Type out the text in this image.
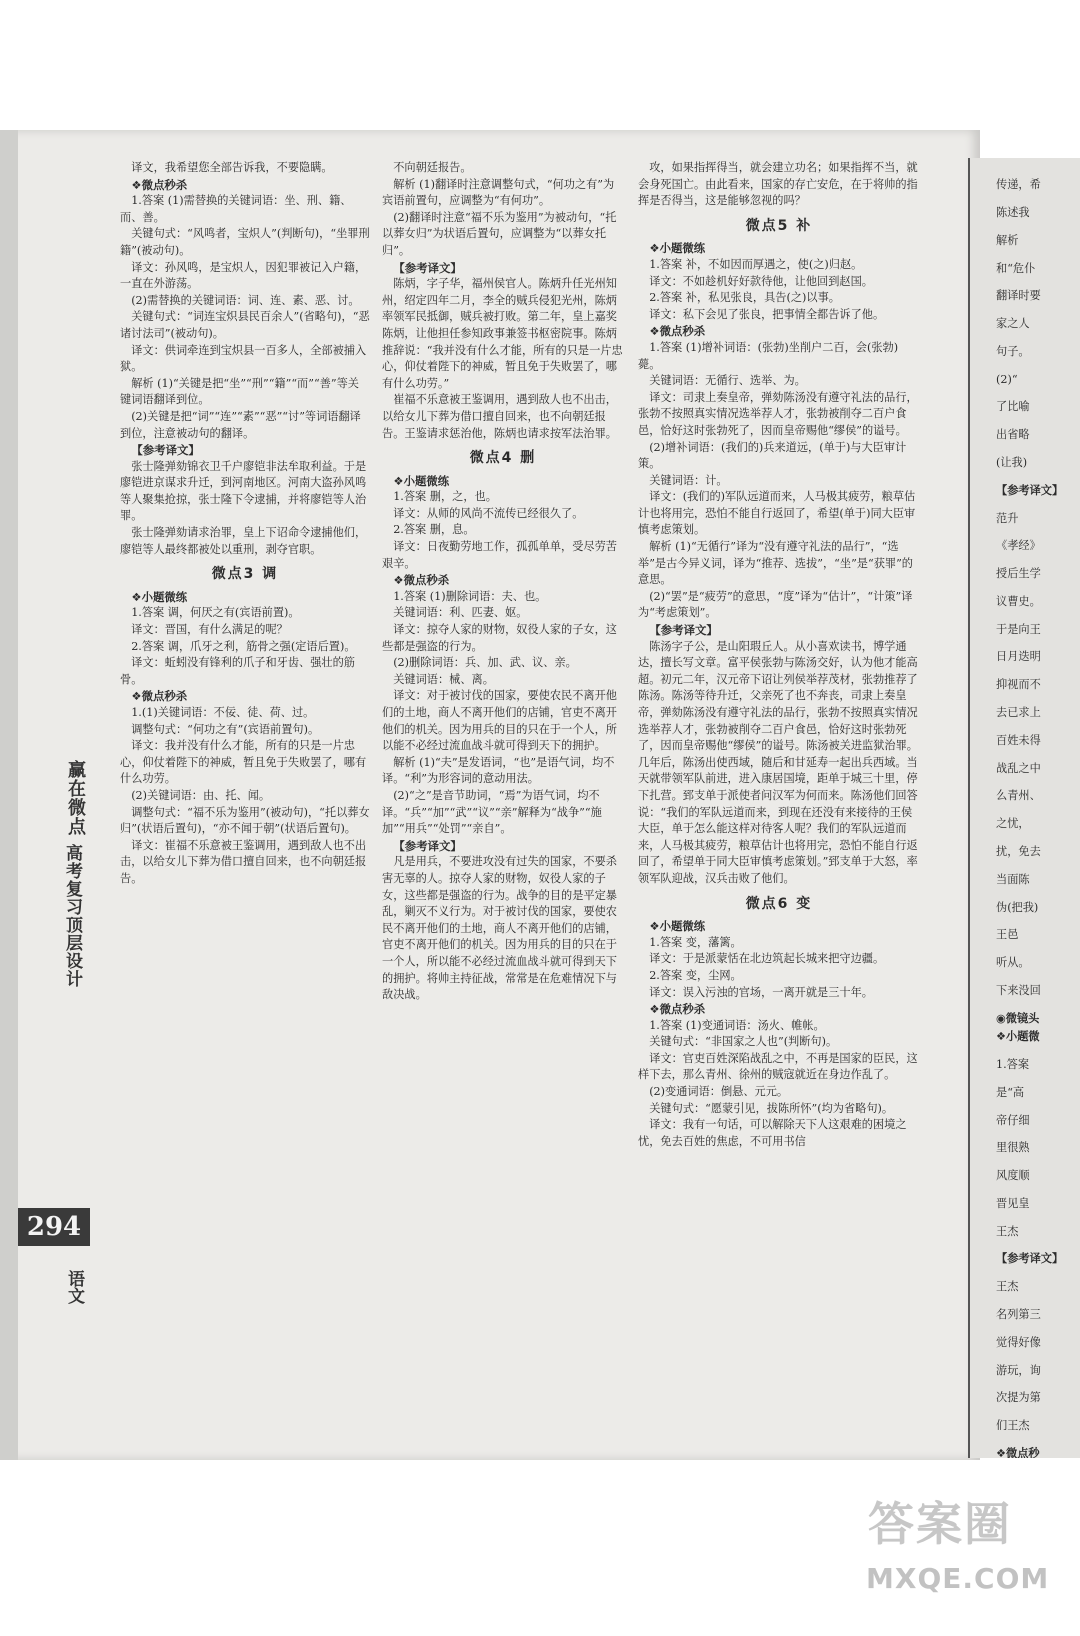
赢在微点
高考复习顶层设计
294
语文

译文，我希望您全部告诉我，不要隐瞒。

❖微点秒杀

1.答案 (1)需替换的关键词语：坐、刑、籍、而、善。

关键句式：“风鸣者，宝炽人”(判断句)，“坐罪刑籍”(被动句)。

译文：孙风鸣，是宝炽人，因犯罪被记入户籍，一直在外游荡。

(2)需替换的关键词语：词、连、素、恶、讨。

关键句式：“词连宝炽县民百余人”(省略句)，“恶诸讨法司”(被动句)。

译文：供词牵连到宝炽县一百多人，全部被捕入狱。

解析 (1)“关键是把“坐”“刑”“籍”“而”“善”等关键词语翻译到位。

(2)关键是把“词”“连”“素”“恶”“讨”等词语翻译到位，注意被动句的翻译。

【参考译文】

张士隆弹劾锦衣卫千户廖铠非法牟取利益。于是廖铠进京谋求升迁，到河南地区。河南大盗孙风鸣等人聚集抢掠，张士隆下令逮捕，并将廖铠等人治罪。

张士隆弹劾请求治罪，皇上下诏命令逮捕他们，廖铠等人最终都被处以重刑，剥夺官职。

微点3 调

❖小题微练

1.答案 调，何厌之有(宾语前置)。

译文：晋国，有什么满足的呢？

2.答案 调，爪牙之利，筋骨之强(定语后置)。

译文：蚯蚓没有锋利的爪子和牙齿、强壮的筋骨。

❖微点秒杀

1.(1)关键词语：不佞、徒、荷、过。

调整句式：“何功之有”(宾语前置句)。

译文：我并没有什么才能，所有的只是一片忠心，仰仗着陛下的神威，暂且免于失败罢了，哪有什么功劳。

(2)关键词语：由、托、闻。

调整句式：“福不乐为鉴用”(被动句)，“托以葬女归”(状语后置句)，“亦不闻于朝”(状语后置句)。

译文：崔福不乐意被王鉴调用，遇到敌人也不出击，以给女儿下葬为借口擅自回来，也不向朝廷报告。

不向朝廷报告。

解析 (1)翻译时注意调整句式，“何功之有”为宾语前置句，应调整为“有何功”。

(2)翻译时注意“福不乐为鉴用”为被动句，“托以葬女归”为状语后置句，应调整为“以葬女托归”。

【参考译文】

陈炳，字子华，福州侯官人。陈炳升任光州知州，绍定四年二月，李全的贼兵侵犯光州，陈炳率领军民抵御，贼兵被打败。第二年，皇上嘉奖陈炳，让他担任参知政事兼签书枢密院事。陈炳推辞说：“我并没有什么才能，所有的只是一片忠心，仰仗着陛下的神威，暂且免于失败罢了，哪有什么功劳。”

崔福不乐意被王鉴调用，遇到敌人也不出击，以给女儿下葬为借口擅自回来，也不向朝廷报告。王鉴请求惩治他，陈炳也请求按军法治罪。

微点4 删

❖小题微练

1.答案 删，之，也。

译文：从师的风尚不流传已经很久了。

2.答案 删，息。

译文：日夜勤劳地工作，孤孤单单，受尽劳苦艰辛。

❖微点秒杀

1.答案 (1)删除词语：夫、也。

关键词语：利、匹妻、妪。

译文：掠夺人家的财物，奴役人家的子女，这些都是强盗的行为。

(2)删除词语：兵、加、武、议、亲。

关键词语：械、离。

译文：对于被讨伐的国家，要使农民不离开他们的土地，商人不离开他们的店铺，官吏不离开他们的机关。因为用兵的目的只在于一个人，所以能不必经过流血战斗就可得到天下的拥护。

解析 (1)“夫”是发语词，“也”是语气词，均不译。“利”为形容词的意动用法。

(2)“之”是音节助词，“焉”为语气词，均不译。“兵”“加”“武”“议”“亲”解释为“战争”“施加”“用兵”“处罚”“亲自”。

【参考译文】

凡是用兵，不要进攻没有过失的国家，不要杀害无辜的人。掠夺人家的财物，奴役人家的子女，这些都是强盗的行为。战争的目的是平定暴乱，剿灭不义行为。对于被讨伐的国家，要使农民不离开他们的土地，商人不离开他们的店铺，官吏不离开他们的机关。因为用兵的目的只在于一个人，所以能不必经过流血战斗就可得到天下的拥护。将帅主持征战，常常是在危难情况下与敌决战。

攻，如果指挥得当，就会建立功名；如果指挥不当，就会身死国亡。由此看来，国家的存亡安危，在于将帅的指挥是否得当，这是能够忽视的吗？

微点5 补

❖小题微练

1.答案 补，不如因而厚遇之，使(之)归赵。

译文：不如趁机好好款待他，让他回到赵国。

2.答案 补，私见张良，具告(之)以事。

译文：私下会见了张良，把事情全都告诉了他。

❖微点秒杀

1.答案 (1)增补词语：(张勃)坐削户二百，会(张勃)薨。

关键词语：无循行、选举、为。

译文：司隶上奏皇帝，弹劾陈汤没有遵守礼法的品行，张勃不按照真实情况选举荐人才，张勃被削夺二百户食邑，恰好这时张勃死了，因而皇帝赐他“缪侯”的谥号。

(2)增补词语：(我们的)兵来道远，(单于)与大臣审计策。

关键词语：计。

译文：(我们的)军队远道而来，人马极其疲劳，粮草估计也将用完，恐怕不能自行返回了，希望(单于)同大臣审慎考虑策划。

解析 (1)“无循行”译为“没有遵守礼法的品行”，“选举”是古今异义词，译为“推荐、选拔”，“坐”是“获罪”的意思。

(2)“罢”是“疲劳”的意思，“度”译为“估计”，“计策”译为“考虑策划”。

【参考译文】

陈汤字子公，是山阳瑕丘人。从小喜欢读书，博学通达，擅长写文章。富平侯张勃与陈汤交好，认为他才能高超。初元二年，汉元帝下诏让列侯举荐茂材，张勃推荐了陈汤。陈汤等待升迁，父亲死了也不奔丧，司隶上奏皇帝，弹劾陈汤没有遵守礼法的品行，张勃不按照真实情况选举荐人才，张勃被削夺二百户食邑，恰好这时张勃死了，因而皇帝赐他“缪侯”的谥号。陈汤被关进监狱治罪。几年后，陈汤出使西域，随后和甘延寿一起出兵西域。当天就带领军队前进，进入康居国境，距单于城三十里，停下扎营。郅支单于派使者问汉军为何而来。陈汤他们回答说：“我们的军队远道而来，到现在还没有来接待的王侯大臣，单于怎么能这样对待客人呢？我们的军队远道而来，人马极其疲劳，粮草估计也将用完，恐怕不能自行返回了，希望单于同大臣审慎考虑策划。”郅支单于大怒，率领军队迎战，汉兵击败了他们。

微点6 变

❖小题微练

1.答案 变，藩篱。

译文：于是派蒙恬在北边筑起长城来把守边疆。

2.答案 变，尘网。

译文：误入污浊的官场，一离开就是三十年。

❖微点秒杀

1.答案 (1)变通词语：汤火、帷帐。

关键句式：“非国家之人也”(判断句)。

译文：官吏百姓深陷战乱之中，不再是国家的臣民，这样下去，那么青州、徐州的贼寇就近在身边作乱了。

(2)变通词语：倒悬、元元。

关键句式：“愿蒙引见，拔陈所怀”(均为省略句)。

译文：我有一句话，可以解除天下人这艰难的困境之忧，免去百姓的焦虑，不可用书信

传递，希

陈述我

解析

和“危仆

翻译时要

家之人

句子。

(2)“

了比喻

出省略

(让我)

【参考译文】

范升

《孝经》

授后生学

议曹史。

于是向王

日月迭明

抑视而不

去已求上

百姓未得

战乱之中

么青州、

之忧，

扰，免去

当面陈

伪(把我)

王邑

听从。

下来没回

◉微镜头

❖小题微

1.答案

是“高

帝仔细

里很熟

风度顺

晋见皇

王杰

【参考译文】

王杰

名列第三

觉得好像

游玩，询

次提为第

们王杰

❖微点秒

答案圈
MXQE.COM
